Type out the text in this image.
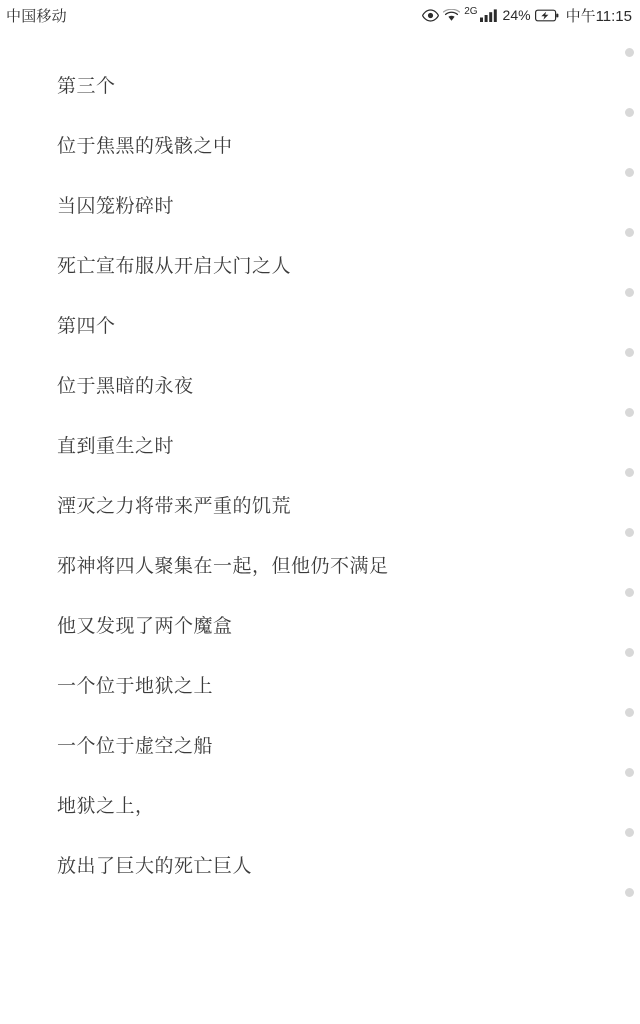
中国移动	2G 24% 中午11:15
第三个
位于焦黑的残骸之中
当囚笼粉碎时
死亡宣布服从开启大门之人
第四个
位于黑暗的永夜
直到重生之时
湮灭之力将带来严重的饥荒
邪神将四人聚集在一起，但他仍不满足
他又发现了两个魔盒
一个位于地狱之上
一个位于虚空之船
地狱之上，
放出了巨大的死亡巨人
